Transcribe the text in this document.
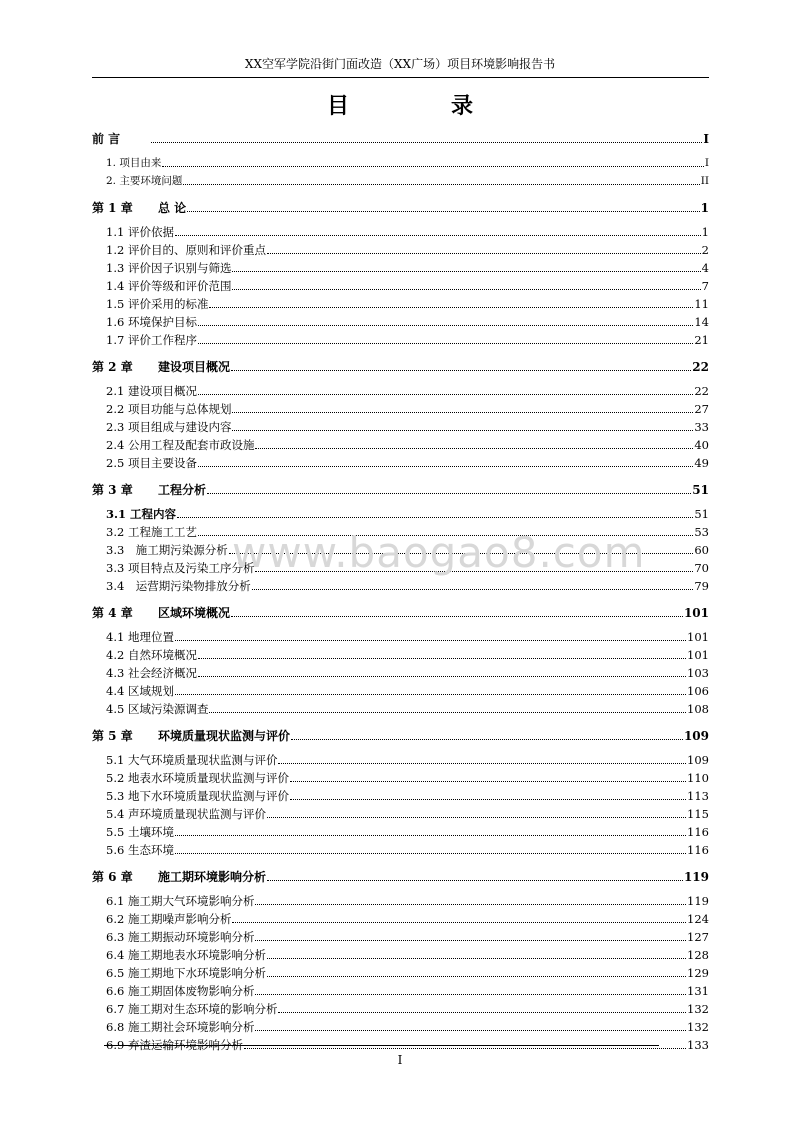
XX空军学院沿街门面改造（XX广场）项目环境影响报告书
目　录
前 言	I
1. 项目由来	I
2. 主要环境问题	II
第 1 章 总 论	1
1.1 评价依据	1
1.2 评价目的、原则和评价重点	2
1.3 评价因子识别与筛选	4
1.4 评价等级和评价范围	7
1.5 评价采用的标准	11
1.6 环境保护目标	14
1.7 评价工作程序	21
第 2 章 建设项目概况	22
2.1 建设项目概况	22
2.2 项目功能与总体规划	27
2.3 项目组成与建设内容	33
2.4 公用工程及配套市政设施	40
2.5 项目主要设备	49
第 3 章 工程分析	51
3.1 工程内容	51
3.2 工程施工工艺	53
3.3　施工期污染源分析	60
3.3 项目特点及污染工序分析	70
3.4　运营期污染物排放分析	79
第 4 章 区域环境概况	101
4.1 地理位置	101
4.2 自然环境概况	101
4.3 社会经济概况	103
4.4 区域规划	106
4.5 区域污染源调查	108
第 5 章 环境质量现状监测与评价	109
5.1 大气环境质量现状监测与评价	109
5.2 地表水环境质量现状监测与评价	110
5.3 地下水环境质量现状监测与评价	113
5.4 声环境质量现状监测与评价	115
5.5 土壤环境	116
5.6 生态环境	116
第 6 章 施工期环境影响分析	119
6.1 施工期大气环境影响分析	119
6.2 施工期噪声影响分析	124
6.3 施工期振动环境影响分析	127
6.4 施工期地表水环境影响分析	128
6.5 施工期地下水环境影响分析	129
6.6 施工期固体废物影响分析	131
6.7 施工期对生态环境的影响分析	132
6.8 施工期社会环境影响分析	132
6.9 弃渣运输环境影响分析	133
www.baogao8.com
I
